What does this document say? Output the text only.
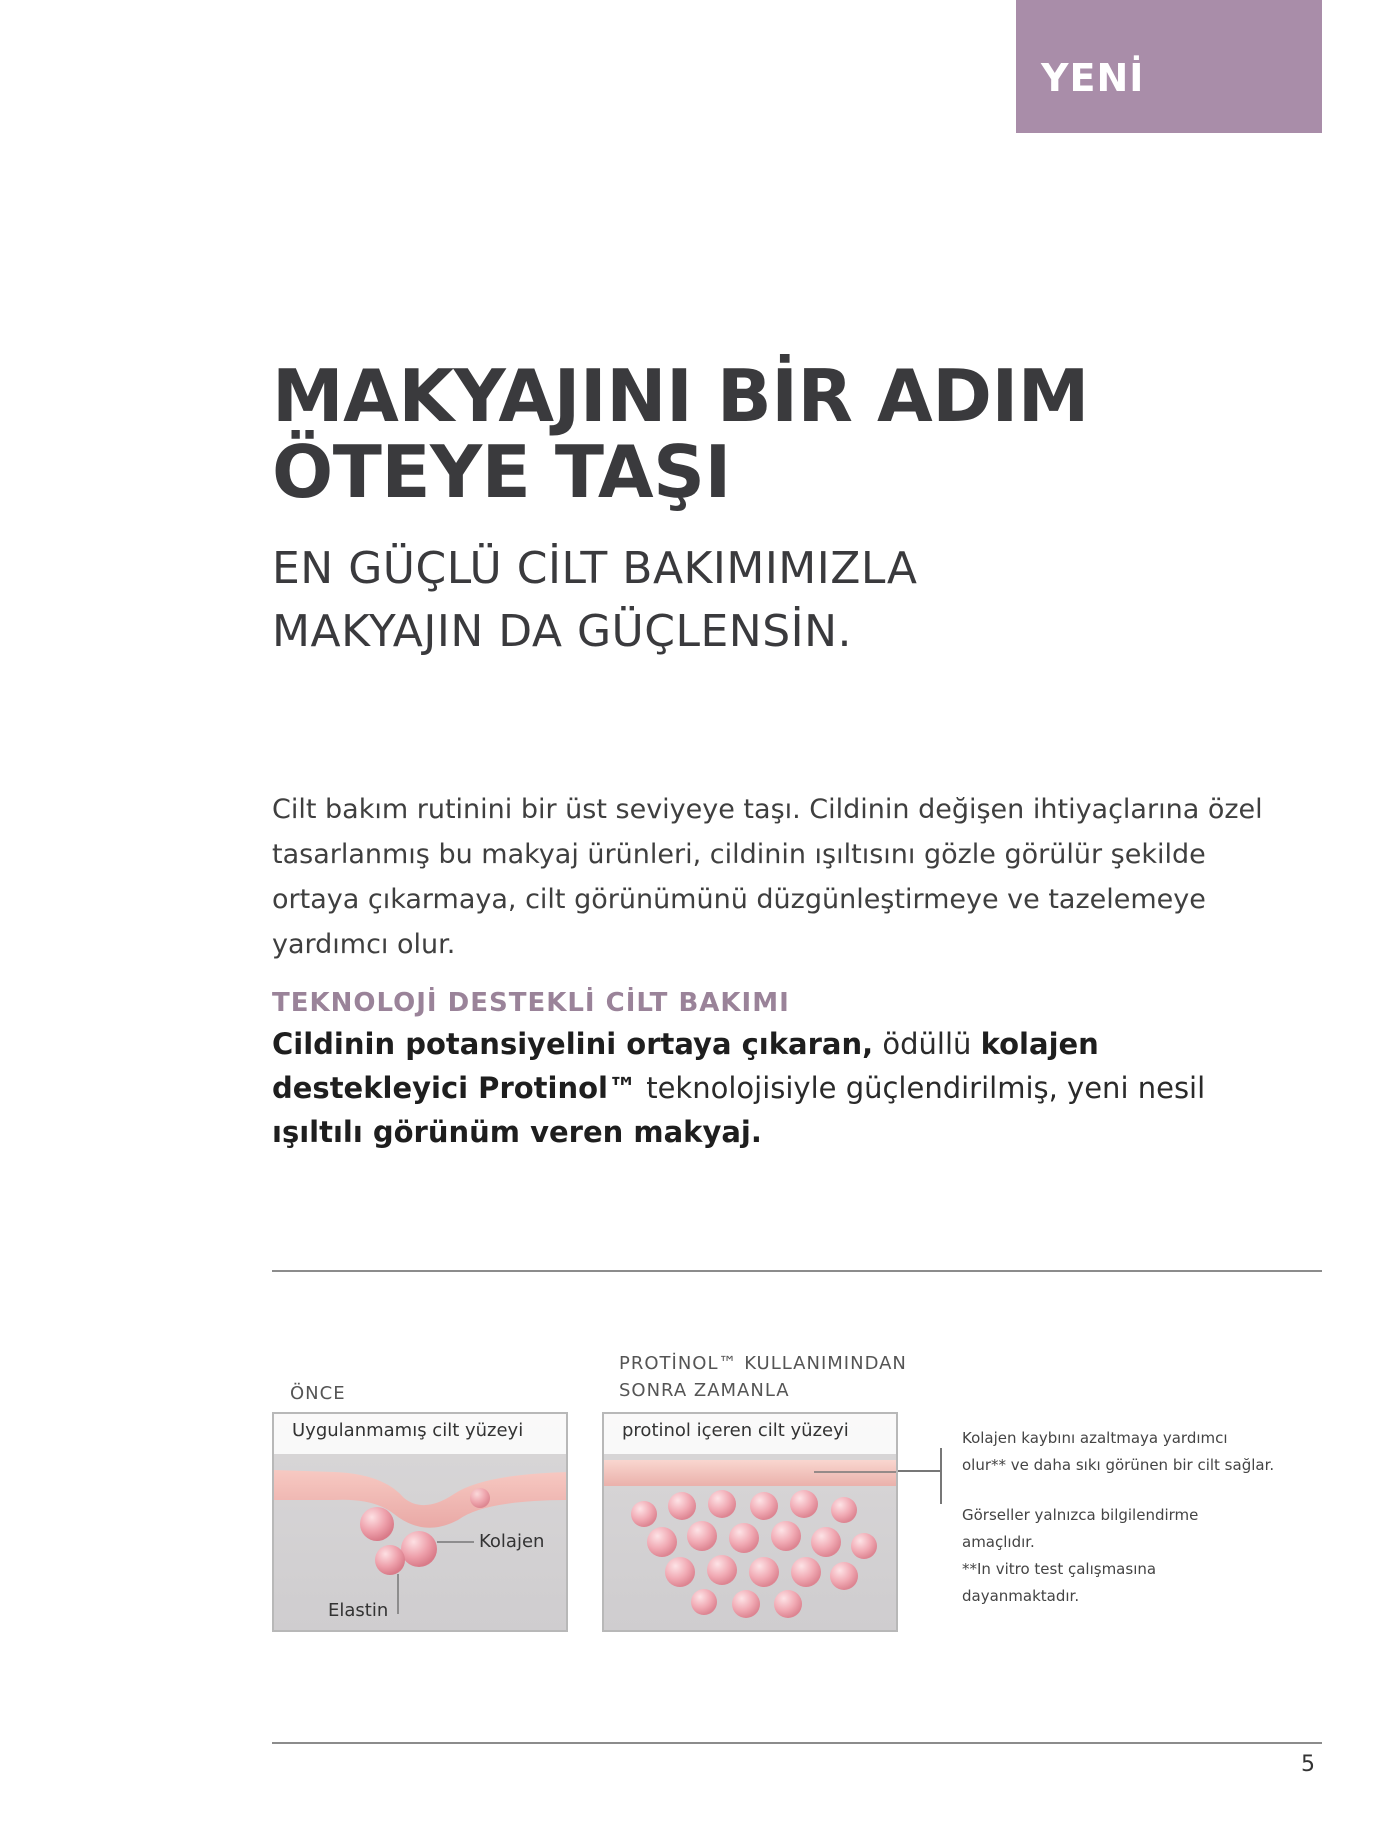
YENİ
MAKYAJINI BİR ADIM
ÖTEYE TAŞI
EN GÜÇLÜ CİLT BAKIMIMIZLA
MAKYAJIN DA GÜÇLENSİN.

Cilt bakım rutinini bir üst seviyeye taşı. Cildinin değişen ihtiyaçlarına özel tasarlanmış bu makyaj ürünleri, cildinin ışıltısını gözle görülür şekilde ortaya çıkarmaya, cilt görünümünü düzgünleştirmeye ve tazelemeye yardımcı olur.

TEKNOLOJİ DESTEKLİ CİLT BAKIMI

Cildinin potansiyelini ortaya çıkaran, ödüllü kolajen destekleyici Protinol™ teknolojisiyle güçlendirilmiş, yeni nesil ışıltılı görünüm veren makyaj.

ÖNCE
Uygulanmamış cilt yüzeyi
Kolajen
Elastin
PROTİNOL™ KULLANIMINDAN
SONRA ZAMANLA
protinol içeren cilt yüzeyi	Kolajen kaybını azaltmaya yardımcı
olur** ve daha sıkı görünen bir cilt sağlar.
Görseller yalnızca bilgilendirme
amaçlıdır.
**In vitro test çalışmasına
dayanmaktadır.
5
